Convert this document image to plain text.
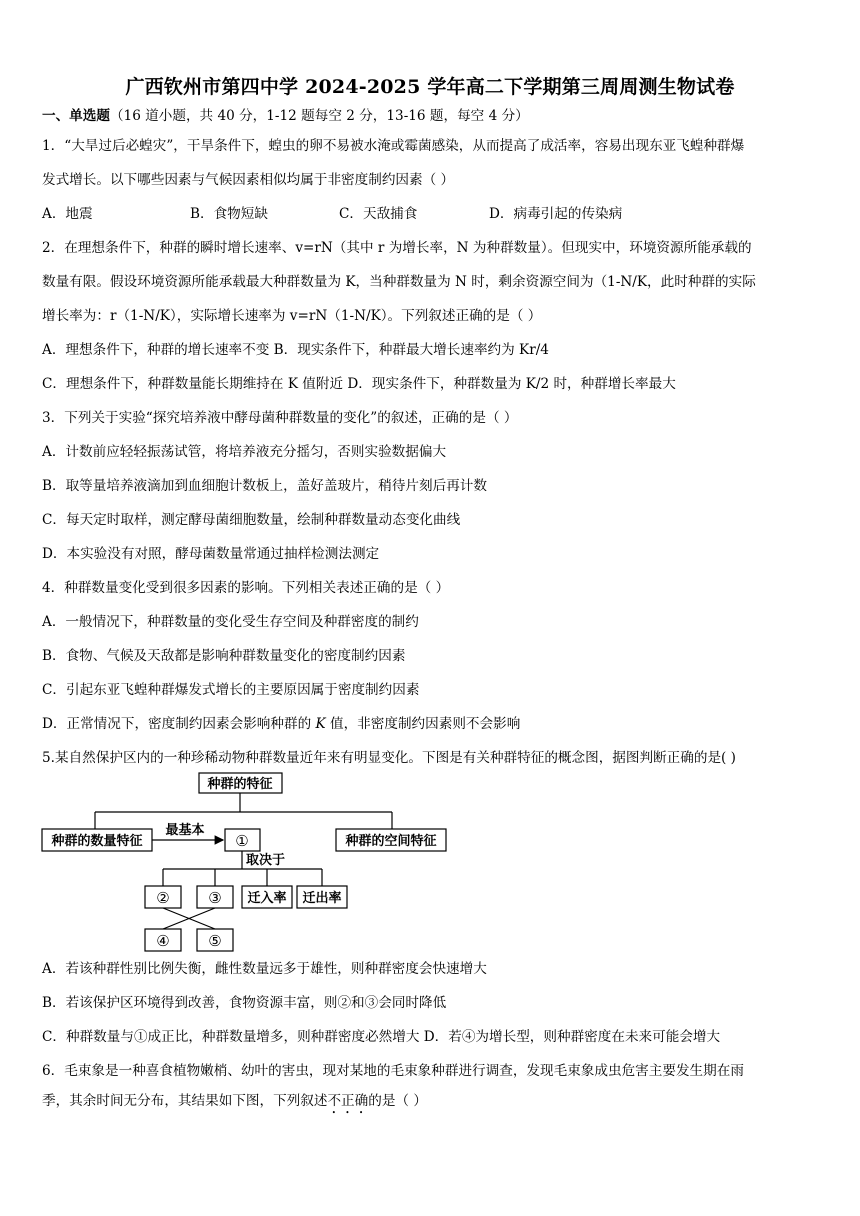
广西钦州市第四中学 2024-2025 学年高二下学期第三周周测生物试卷
一、单选题（16 道小题，共 40 分，1-12 题每空 2 分，13-16 题，每空 4 分）
1．“大旱过后必蝗灾”，干旱条件下，蝗虫的卵不易被水淹或霉菌感染，从而提高了成活率，容易出现东亚飞蝗种群爆
发式增长。以下哪些因素与气候因素相似均属于非密度制约因素（ ）
A．地震	B．食物短缺	C．天敌捕食	D．病毒引起的传染病
2．在理想条件下，种群的瞬时增长速率、v=rN（其中 r 为增长率，N 为种群数量）。但现实中，环境资源所能承载的
数量有限。假设环境资源所能承载最大种群数量为 K，当种群数量为 N 时，剩余资源空间为（1-N/K，此时种群的实际
增长率为：r（1-N/K），实际增长速率为 v=rN（1-N/K）。下列叙述正确的是（ ）
A．理想条件下，种群的增长速率不变 B．现实条件下，种群最大增长速率约为 Kr/4
C．理想条件下，种群数量能长期维持在 K 值附近 D．现实条件下，种群数量为 K/2 时，种群增长率最大
3．下列关于实验“探究培养液中酵母菌种群数量的变化”的叙述，正确的是（ ）
A．计数前应轻轻振荡试管，将培养液充分摇匀，否则实验数据偏大
B．取等量培养液滴加到血细胞计数板上，盖好盖玻片，稍待片刻后再计数
C．每天定时取样，测定酵母菌细胞数量，绘制种群数量动态变化曲线
D．本实验没有对照，酵母菌数量常通过抽样检测法测定
4．种群数量变化受到很多因素的影响。下列相关表述正确的是（ ）
A．一般情况下，种群数量的变化受生存空间及种群密度的制约
B．食物、气候及天敌都是影响种群数量变化的密度制约因素
C．引起东亚飞蝗种群爆发式增长的主要原因属于密度制约因素
D．正常情况下，密度制约因素会影响种群的 K 值，非密度制约因素则不会影响
5.某自然保护区内的一种珍稀动物种群数量近年来有明显变化。下图是有关种群特征的概念图，据图判断正确的是( )
种群的特征
种群的数量特征	①	种群的空间特征
最基本
取决于
②	③ 迁入率 迁出率
④	⑤
A．若该种群性别比例失衡，雌性数量远多于雄性，则种群密度会快速增大
B．若该保护区环境得到改善，食物资源丰富，则②和③会同时降低
C．种群数量与①成正比，种群数量增多，则种群密度必然增大 D．若④为增长型，则种群密度在未来可能会增大
6．毛束象是一种喜食植物嫩梢、幼叶的害虫，现对某地的毛束象种群进行调查，发现毛束象成虫危害主要发生期在雨
季，其余时间无分布，其结果如下图，下列叙述不正确的是（ ）
